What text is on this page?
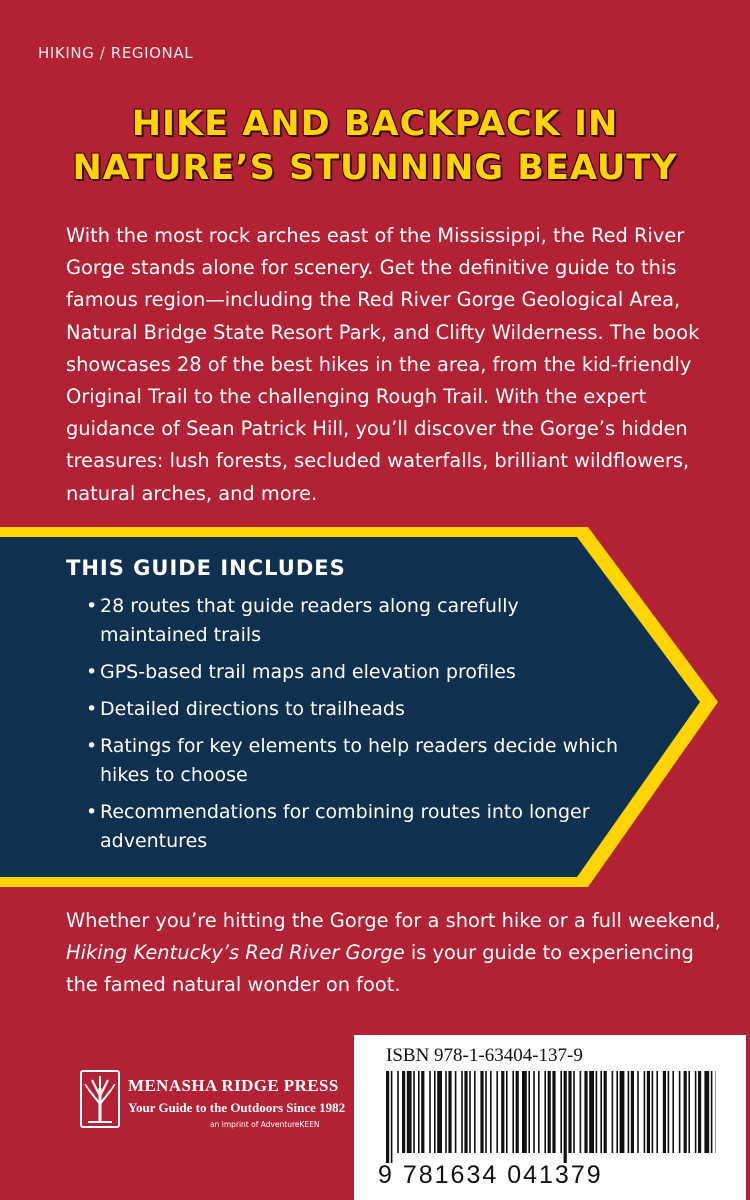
HIKING / REGIONAL
HIKE AND BACKPACK IN
NATURE’S STUNNING BEAUTY
With the most rock arches east of the Mississippi, the Red River Gorge stands alone for scenery. Get the definitive guide to this famous region—including the Red River Gorge Geological Area, Natural Bridge State Resort Park, and Clifty Wilderness. The book showcases 28 of the best hikes in the area, from the kid-friendly Original Trail to the challenging Rough Trail. With the expert guidance of Sean Patrick Hill, you’ll discover the Gorge’s hidden treasures: lush forests, secluded waterfalls, brilliant wildflowers, natural arches, and more.
THIS GUIDE INCLUDES
• 28 routes that guide readers along carefully maintained trails
• GPS-based trail maps and elevation profiles
• Detailed directions to trailheads
• Ratings for key elements to help readers decide which hikes to choose
• Recommendations for combining routes into longer adventures
Whether you’re hitting the Gorge for a short hike or a full weekend, Hiking Kentucky’s Red River Gorge is your guide to experiencing the famed natural wonder on foot.
MENASHA RIDGE PRESS
Your Guide to the Outdoors Since 1982
an imprint of AdventureKEEN
ISBN 978-1-63404-137-9
9 781634 041379
